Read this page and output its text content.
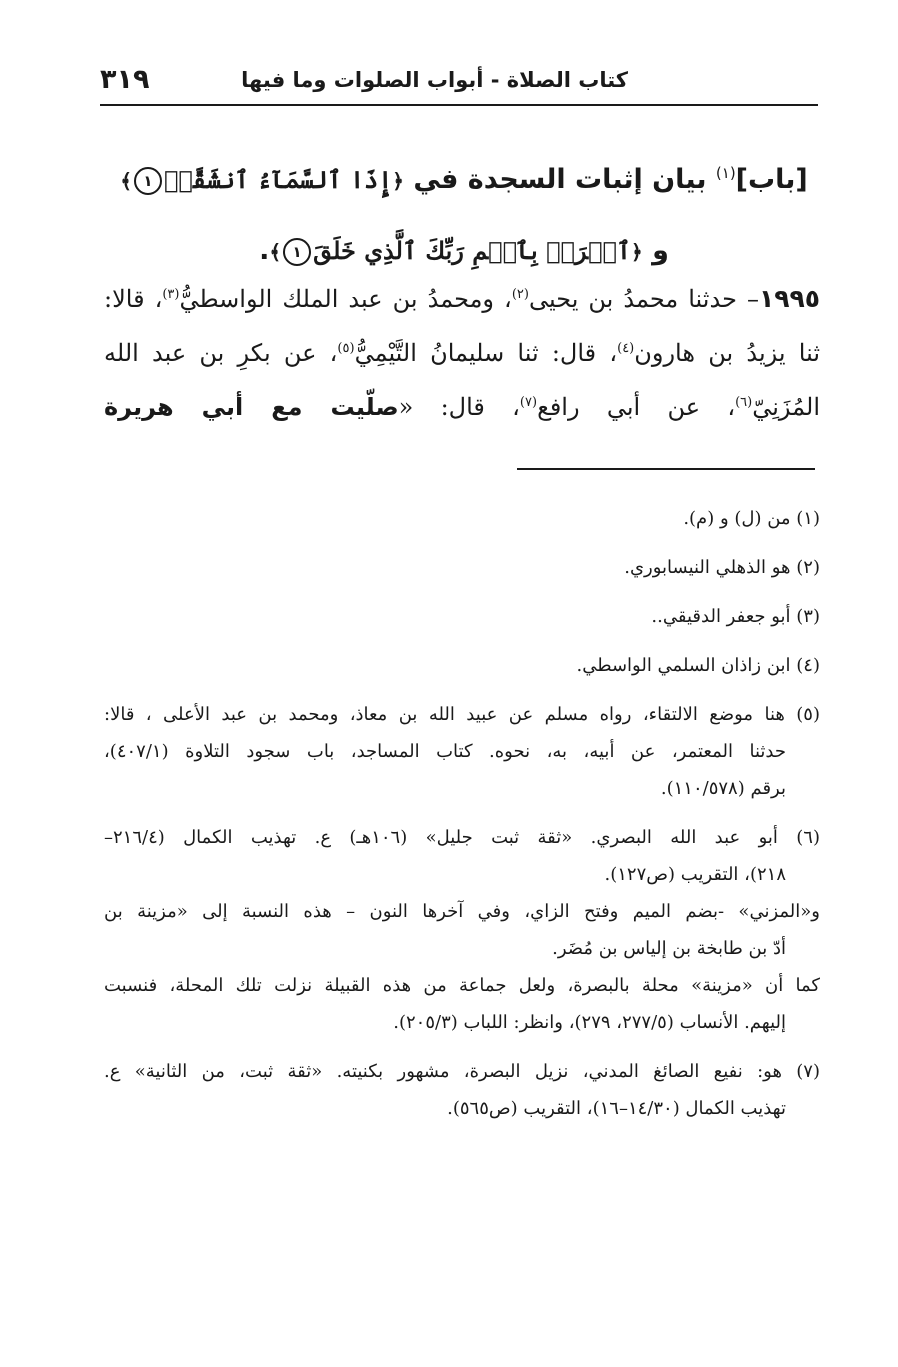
كتاب الصلاة - أبواب الصلوات وما فيها
٣١٩
[باب]$^{(١)}$ بيان إثبات السجدة في ﴿إِذَا ٱلسَّمَآءُ ٱنشَقَّتۡ١﴾ و ﴿ٱقۡرَأۡ بِٱسۡمِ رَبِّكَ ٱلَّذِي خَلَقَ١﴾.
١٩٩٥– حدثنا محمدُ بن يحيى$^{(٢)}$، ومحمدُ بن عبد الملك الواسطيُّ$^{(٣)}$، قالا: ثنا يزيدُ بن هارون$^{(٤)}$، قال: ثنا سليمانُ التَّيْمِيُّ$^{(٥)}$، عن بكرِ بن عبد الله المُزَنِيّ$^{(٦)}$، عن أبي رافع$^{(٧)}$، قال: «صلّيت مع أبي هريرة
(١) من (ل) و (م).
(٢) هو الذهلي النيسابوري.
(٣) أبو جعفر الدقيقي..
(٤) ابن زاذان السلمي الواسطي.
(٥) هنا موضع الالتقاء، رواه مسلم عن عبيد الله بن معاذ، ومحمد بن عبد الأعلى ، قالا:
حدثنا المعتمر، عن أبيه، به، نحوه. كتاب المساجد، باب سجود التلاوة (٤٠٧/١)،
برقم (١١٠/٥٧٨).
(٦) أبو عبد الله البصري. «ثقة ثبت جليل» (١٠٦هـ) ع. تهذيب الكمال (٢١٦/٤–
٢١٨)، التقريب (ص١٢٧).
و«المزني» -بضم الميم وفتح الزاي، وفي آخرها النون – هذه النسبة إلى «مزينة بن
أدّ بن طابخة بن إلياس بن مُضَر.
كما أن «مزينة» محلة بالبصرة، ولعل جماعة من هذه القبيلة نزلت تلك المحلة، فنسبت
إليهم. الأنساب (٢٧٧/٥، ٢٧٩)، وانظر: اللباب (٢٠٥/٣).
(٧) هو: نفيع الصائغ المدني، نزيل البصرة، مشهور بكنيته. «ثقة ثبت، من الثانية» ع.
تهذيب الكمال (١٤/٣٠–١٦)، التقريب (ص٥٦٥).
